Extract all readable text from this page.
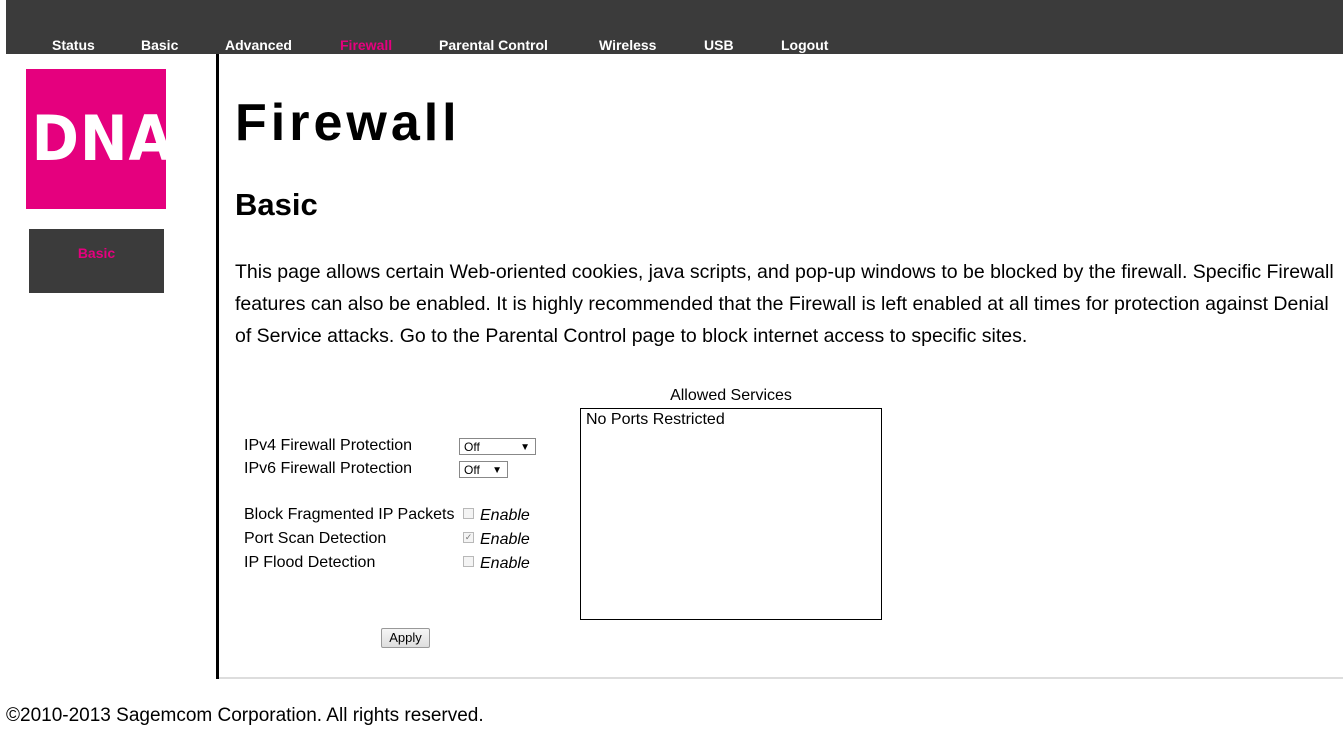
Status	Basic	Advanced	Firewall	Parental Control	Wireless	USB	Logout
DNA
Basic
Firewall
Basic

This page allows certain Web-oriented cookies, java scripts, and pop-up windows to be blocked by the firewall. Specific Firewall features can also be enabled. It is highly recommended that the Firewall is left enabled at all times for protection against Denial of Service attacks. Go to the Parental Control page to block internet access to specific sites.

IPv4 Firewall Protection	Off	▼
IPv6 Firewall Protection	Off ▼
Block Fragmented IP Packets Enable
Port Scan Detection	✓ Enable
IP Flood Detection	Enable
Allowed Services
No Ports Restricted
Apply
©2010-2013 Sagemcom Corporation. All rights reserved.
